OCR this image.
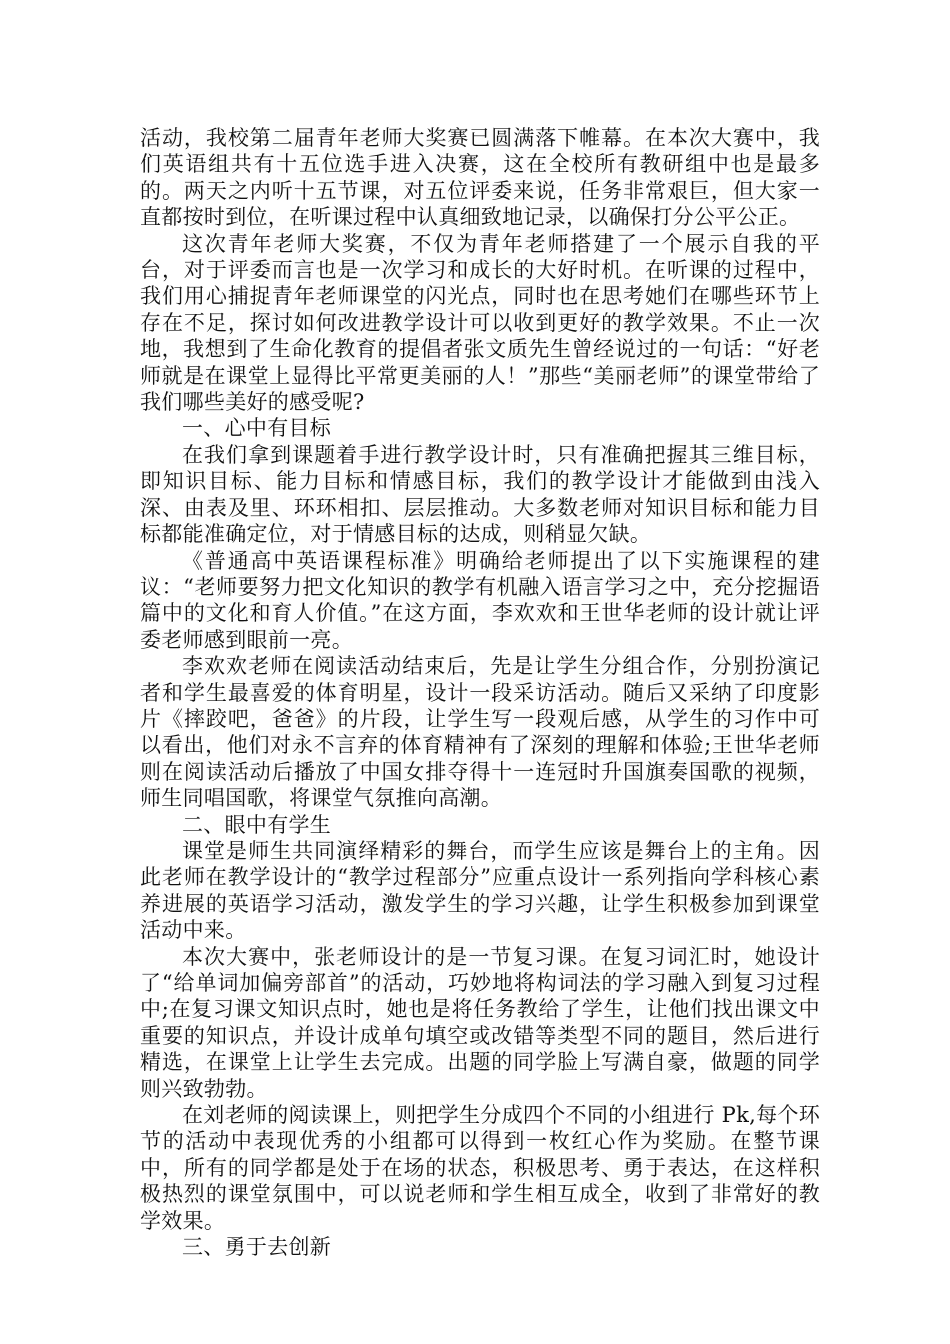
活动，我校第二届青年老师大奖赛已圆满落下帷幕。在本次大赛中，我们英语组共有十五位选手进入决赛，这在全校所有教研组中也是最多的。两天之内听十五节课，对五位评委来说，任务非常艰巨，但大家一直都按时到位，在听课过程中认真细致地记录，以确保打分公平公正。

这次青年老师大奖赛，不仅为青年老师搭建了一个展示自我的平台，对于评委而言也是一次学习和成长的大好时机。在听课的过程中，我们用心捕捉青年老师课堂的闪光点，同时也在思考她们在哪些环节上存在不足，探讨如何改进教学设计可以收到更好的教学效果。不止一次地，我想到了生命化教育的提倡者张文质先生曾经说过的一句话：“好老师就是在课堂上显得比平常更美丽的人！”那些“美丽老师”的课堂带给了我们哪些美好的感受呢?

一、心中有目标

在我们拿到课题着手进行教学设计时，只有准确把握其三维目标，即知识目标、能力目标和情感目标，我们的教学设计才能做到由浅入深、由表及里、环环相扣、层层推动。大多数老师对知识目标和能力目标都能准确定位，对于情感目标的达成，则稍显欠缺。

《普通高中英语课程标准》明确给老师提出了以下实施课程的建议：“老师要努力把文化知识的教学有机融入语言学习之中，充分挖掘语篇中的文化和育人价值。”在这方面，李欢欢和王世华老师的设计就让评委老师感到眼前一亮。

李欢欢老师在阅读活动结束后，先是让学生分组合作，分别扮演记者和学生最喜爱的体育明星，设计一段采访活动。随后又采纳了印度影片《摔跤吧，爸爸》的片段，让学生写一段观后感，从学生的习作中可以看出，他们对永不言弃的体育精神有了深刻的理解和体验;王世华老师则在阅读活动后播放了中国女排夺得十一连冠时升国旗奏国歌的视频，师生同唱国歌，将课堂气氛推向高潮。

二、眼中有学生

课堂是师生共同演绎精彩的舞台，而学生应该是舞台上的主角。因此老师在教学设计的“教学过程部分”应重点设计一系列指向学科核心素养进展的英语学习活动，激发学生的学习兴趣，让学生积极参加到课堂活动中来。

本次大赛中，张老师设计的是一节复习课。在复习词汇时，她设计了“给单词加偏旁部首”的活动，巧妙地将构词法的学习融入到复习过程中;在复习课文知识点时，她也是将任务教给了学生，让他们找出课文中重要的知识点，并设计成单句填空或改错等类型不同的题目，然后进行精选，在课堂上让学生去完成。出题的同学脸上写满自豪，做题的同学则兴致勃勃。

在刘老师的阅读课上，则把学生分成四个不同的小组进行 Pk,每个环节的活动中表现优秀的小组都可以得到一枚红心作为奖励。在整节课中，所有的同学都是处于在场的状态，积极思考、勇于表达，在这样积极热烈的课堂氛围中，可以说老师和学生相互成全，收到了非常好的教学效果。

三、勇于去创新
